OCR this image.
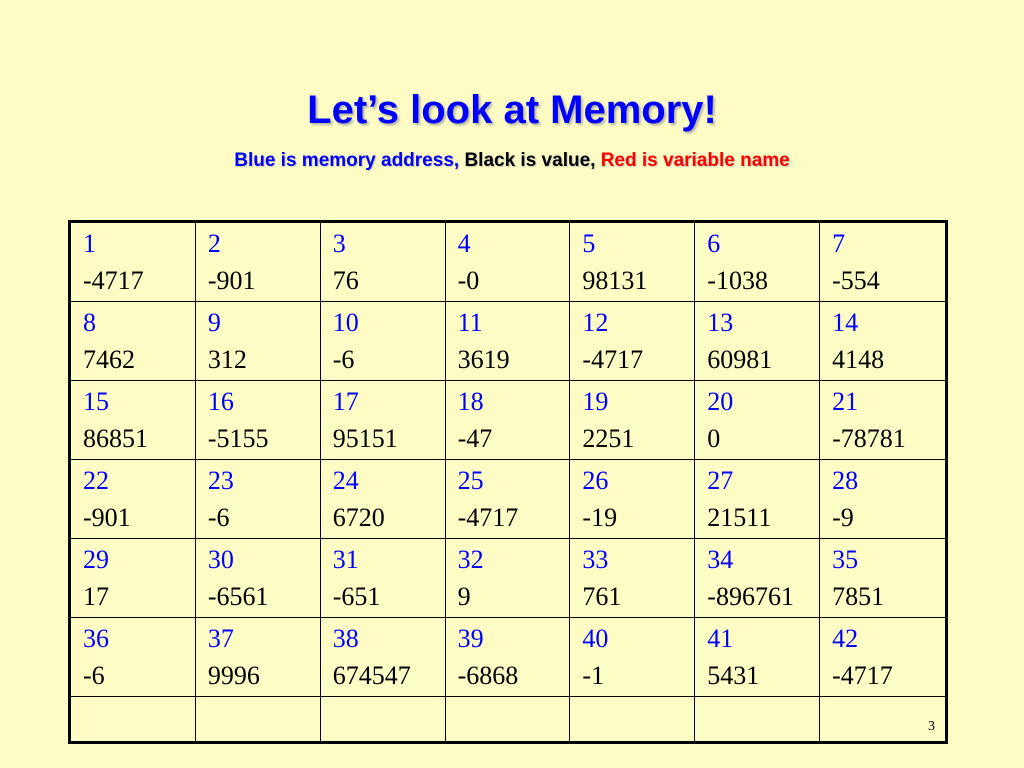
Let’s look at Memory!
Blue is memory address, Black is value, Red is variable name
1
-4717
2
-901
3
76
4
-0
5
98131
6
-1038
7
-554
8
7462
9
312
10
-6
11
3619
12
-4717
13
60981
14
4148
15
86851
16
-5155
17
95151
18
-47
19
2251
20
0
21
-78781
22
-901
23
-6
24
6720
25
-4717
26
-19
27
21511
28
-9
29
17
30
-6561
31
-651
32
9
33
761
34
-896761
35
7851
36
-6
37
9996
38
674547
39
-6868
40
-1
41
5431
42
-4717
3
